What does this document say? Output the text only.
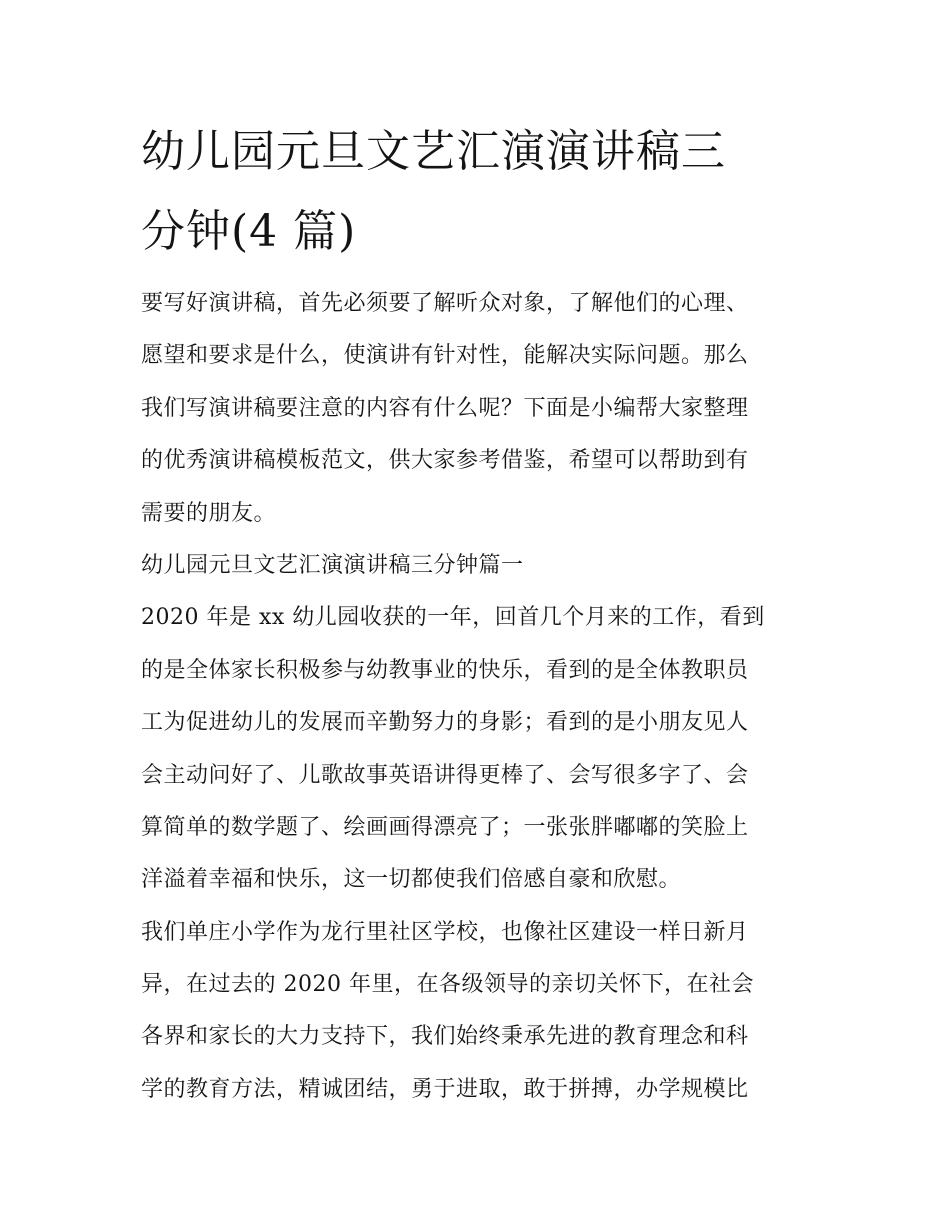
幼儿园元旦文艺汇演演讲稿三
分钟(4 篇)
要写好演讲稿，首先必须要了解听众对象，了解他们的心理、
愿望和要求是什么，使演讲有针对性，能解决实际问题。那么
我们写演讲稿要注意的内容有什么呢？下面是小编帮大家整理
的优秀演讲稿模板范文，供大家参考借鉴，希望可以帮助到有
需要的朋友。
幼儿园元旦文艺汇演演讲稿三分钟篇一
2020 年是 xx 幼儿园收获的一年，回首几个月来的工作，看到
的是全体家长积极参与幼教事业的快乐，看到的是全体教职员
工为促进幼儿的发展而辛勤努力的身影；看到的是小朋友见人
会主动问好了、儿歌故事英语讲得更棒了、会写很多字了、会
算简单的数学题了、绘画画得漂亮了；一张张胖嘟嘟的笑脸上
洋溢着幸福和快乐，这一切都使我们倍感自豪和欣慰。
我们单庄小学作为龙行里社区学校，也像社区建设一样日新月
异，在过去的 2020 年里，在各级领导的亲切关怀下，在社会
各界和家长的大力支持下，我们始终秉承先进的教育理念和科
学的教育方法，精诚团结，勇于进取，敢于拼搏，办学规模比
